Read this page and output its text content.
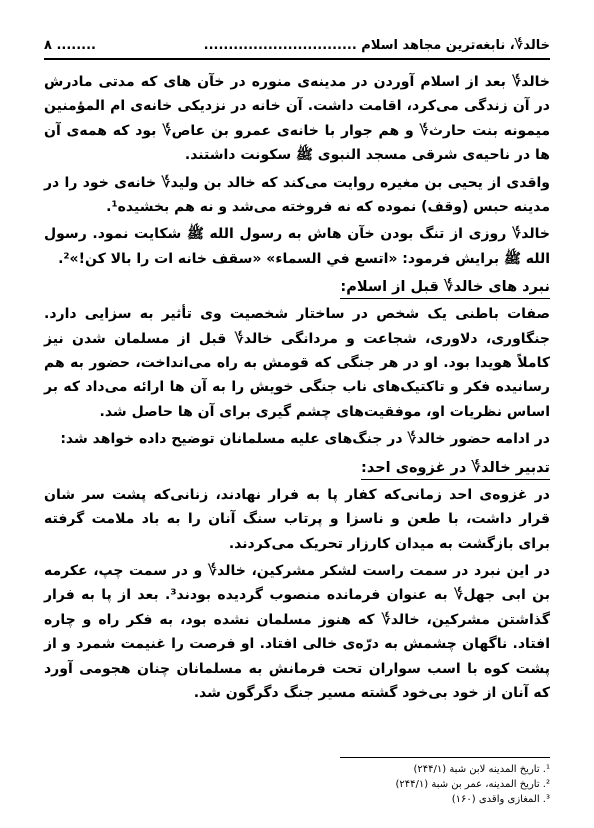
خالد؇، نابغه‌ترین مجاهد اسلام ...............................
........ ۸

خالد؇ بعد از اسلام آوردن در مدینه‌ی منوره در خآن های که مدتی مادرش در آن زندگی می‌کرد، اقامت داشت. آن خانه در نزدیکی خانه‌ی ام المؤمنین میمونه بنت حارث؇ و هم جوار با خانه‌ی عمرو بن عاص؇ بود که همه‌ی آن ها در ناحیه‌ی شرقی مسجد النبوی ﷺ سکونت داشتند.

واقدی از یحیی بن مغیره روایت می‌کند که خالد بن ولید؇ خانه‌ی خود را در مدینه حبس (وقف) نموده که نه فروخته می‌شد و نه هم بخشیده¹.

خالد؇ روزی از تنگ بودن خآن هاش به رسول الله ﷺ شکایت نمود. رسول الله ﷺ برایش فرمود: «اتسع في السماء» «سقف خانه ات را بالا کن!»².

نبرد های خالد؇ قبل از اسلام:

صفات باطنی یک شخص در ساختار شخصیت وی تأثیر به سزایی دارد. جنگاوری، دلاوری، شجاعت و مردانگی خالد؇ قبل از مسلمان شدن نیز کاملاً هویدا بود. او در هر جنگی که قومش به راه می‌انداخت، حضور به هم رسانیده فکر و تاکتیک‌های ناب جنگی خویش را به آن ها ارائه می‌داد که بر اساس نظریات او، موفقیت‌های چشم گیری برای آن ها حاصل شد.

در ادامه حضور خالد؇ در جنگ‌های علیه مسلمانان توضیح داده خواهد شد:

تدبیر خالد؇ در غزوه‌ی احد:

در غزوه‌ی احد زمانی‌که کفار پا به فرار نهادند، زنانی‌که پشت سر شان قرار داشت، با طعن و ناسزا و پرتاب سنگ آنان را به باد ملامت گرفته برای بازگشت به میدان کارزار تحریک می‌کردند.

در این نبرد در سمت راست لشکر مشرکین، خالد؇ و در سمت چپ، عکرمه بن ابی جهل؇ به عنوان فرمانده منصوب گردیده بودند³. بعد از پا به فرار گذاشتن مشرکین، خالد؇ که هنوز مسلمان نشده بود، به فکر راه و چاره افتاد. ناگهان چشمش به درّه‌ی خالی افتاد. او فرصت را غنیمت شمرد و از پشت کوه با اسب سواران تحت فرمانش به مسلمانان چنان هجومی آورد که آنان از خود بی‌خود گشته مسیر جنگ دگرگون شد.

¹. تاریخ المدینه لابن شبة (۲۴۴/۱)
². تاریخ المدینه، عمر بن شبة (۲۴۴/۱)
³. المغازی واقدی (۱۶۰)
